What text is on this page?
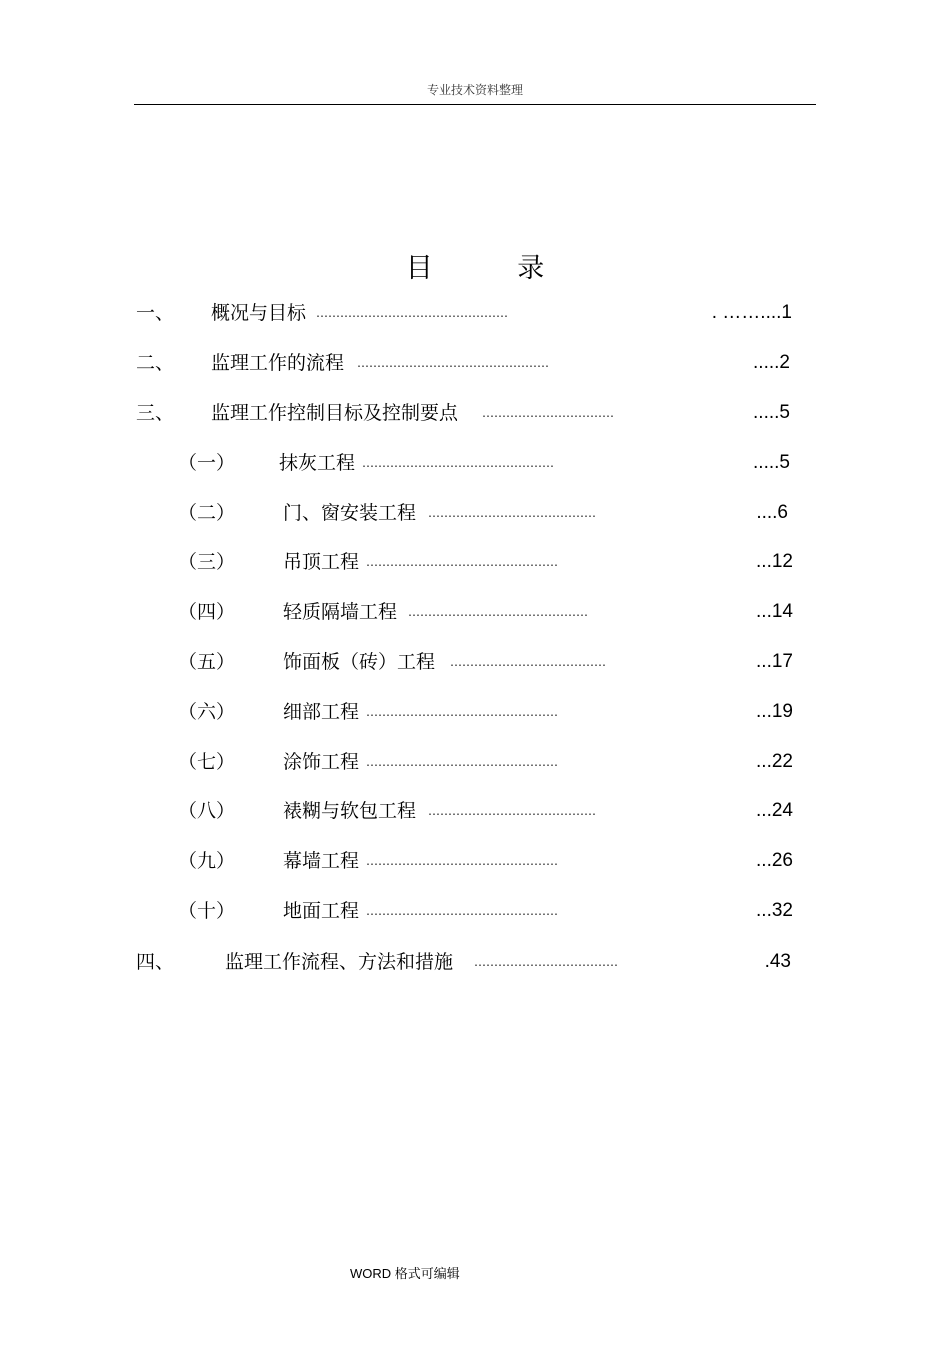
专业技术资料整理
目 录
一、 概况与目标 …………………………………………	. ……....1
二、 监理工作的流程 …………………………………………	.....2
三、 监理工作控制目标及控制要点 ……………………………	.....5
（一） 抹灰工程 …………………………………………	.....5
（二）	门、窗安装工程 ……………………………………	....6
（三）	吊顶工程 …………………………………………	...12
（四）	轻质隔墙工程 ………………………………………	...14
（五）	饰面板（砖）工程 …………………………………	...17
（六）	细部工程 …………………………………………	...19
（七）	涂饰工程 …………………………………………	...22
（八）	裱糊与软包工程 ……………………………………	...24
（九）	幕墙工程 …………………………………………	...26
（十）	地面工程 …………………………………………	...32
四、	监理工作流程、方法和措施 ………………………………	.43
WORD 格式可编辑
